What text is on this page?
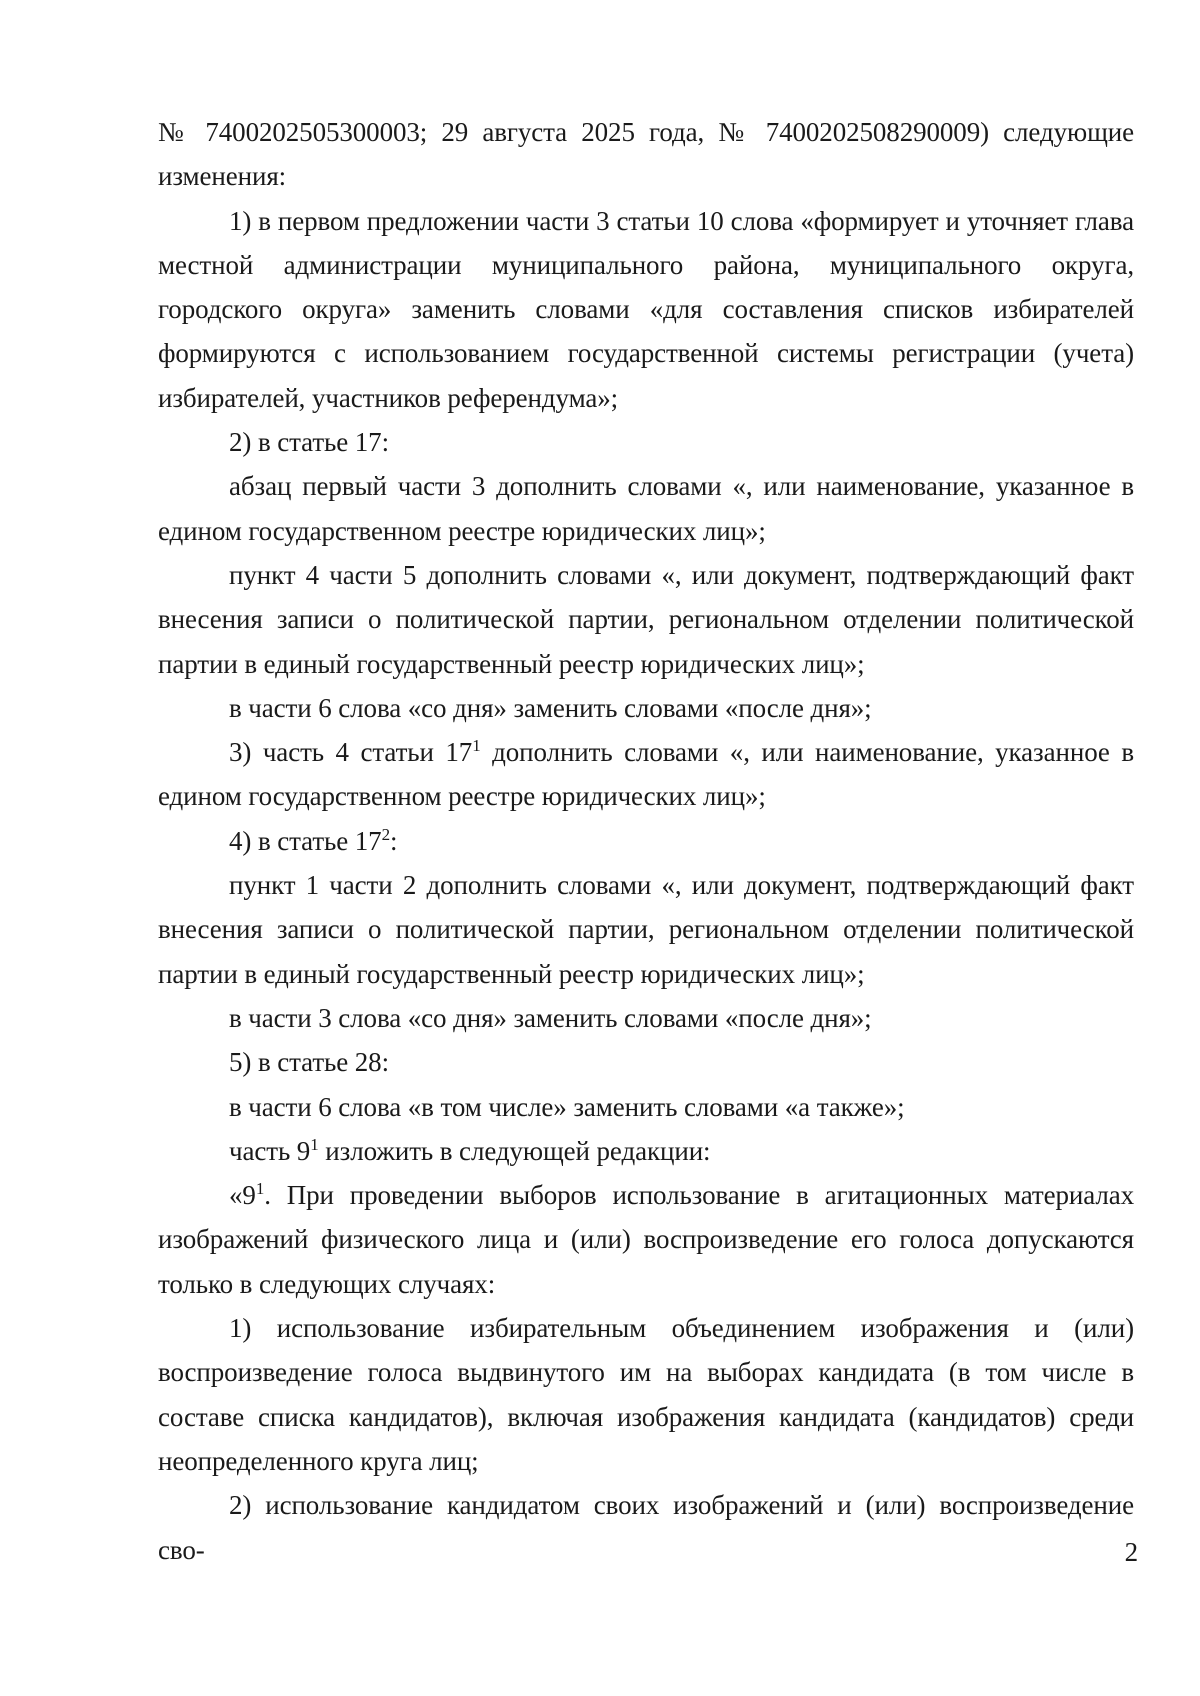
№ 7400202505300003; 29 августа 2025 года, № 7400202508290009) следующие изменения:

1) в первом предложении части 3 статьи 10 слова «формирует и уточняет глава местной администрации муниципального района, муниципального округа, городского округа» заменить словами «для составления списков избирателей формируются с использованием государственной системы регистрации (учета) избирателей, участников референдума»;

2) в статье 17:

абзац первый части 3 дополнить словами «, или наименование, указанное в едином государственном реестре юридических лиц»;

пункт 4 части 5 дополнить словами «, или документ, подтверждающий факт внесения записи о политической партии, региональном отделении политической партии в единый государственный реестр юридических лиц»;

в части 6 слова «со дня» заменить словами «после дня»;

3) часть 4 статьи $17^1$ дополнить словами «, или наименование, указанное в едином государственном реестре юридических лиц»;

4) в статье $17^2$:

пункт 1 части 2 дополнить словами «, или документ, подтверждающий факт внесения записи о политической партии, региональном отделении политической партии в единый государственный реестр юридических лиц»;

в части 3 слова «со дня» заменить словами «после дня»;

5) в статье 28:

в части 6 слова «в том числе» заменить словами «а также»;

часть $9^1$ изложить в следующей редакции:

«$9^1$. При проведении выборов использование в агитационных материалах изображений физического лица и (или) воспроизведение его голоса допускаются только в следующих случаях:

1) использование избирательным объединением изображения и (или) воспроизведение голоса выдвинутого им на выборах кандидата (в том числе в составе списка кандидатов), включая изображения кандидата (кандидатов) среди неопределенного круга лиц;

2) использование кандидатом своих изображений и (или) воспроизведение сво-	2
